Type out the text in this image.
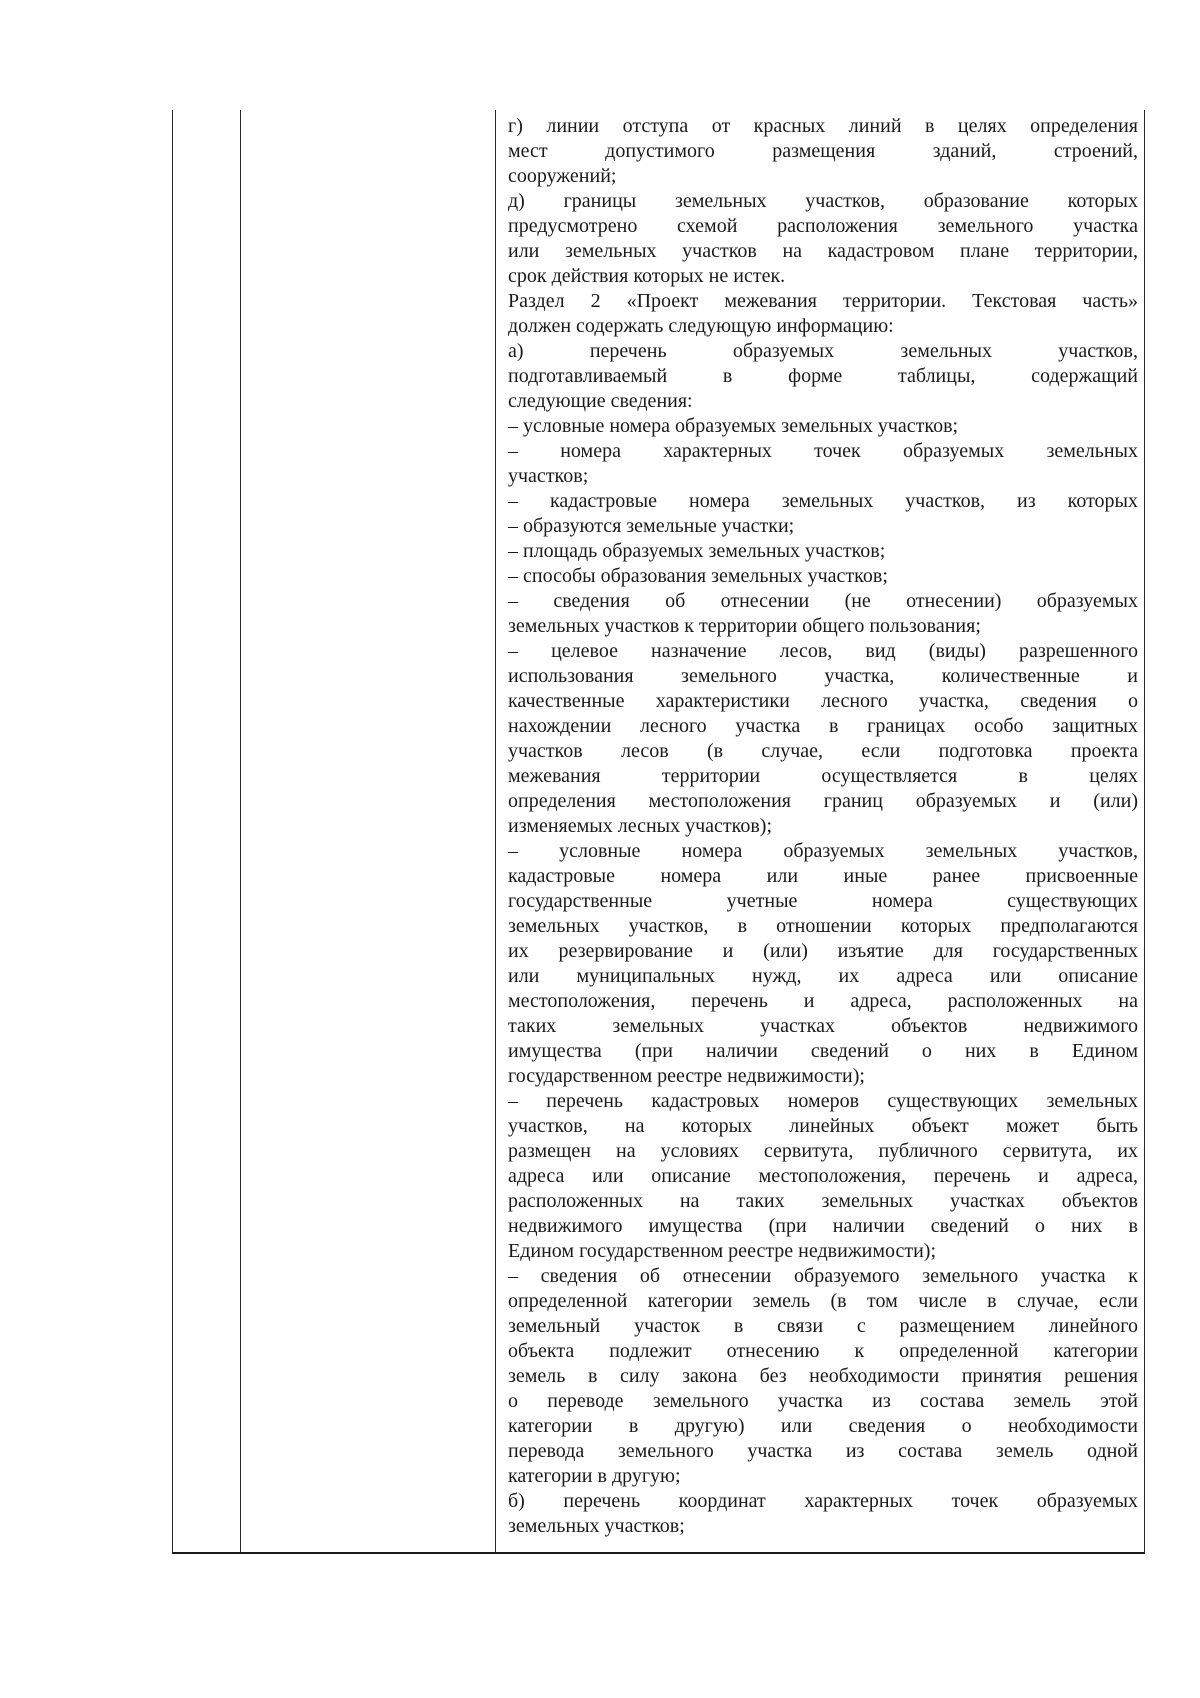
г) линии отступа от красных линий в целях определения
мест допустимого размещения зданий, строений,
сооружений;
д) границы земельных участков, образование которых
предусмотрено схемой расположения земельного участка
или земельных участков на кадастровом плане территории,
срок действия которых не истек.
Раздел 2 «Проект межевания территории. Текстовая часть»
должен содержать следующую информацию:
а) перечень образуемых земельных участков,
подготавливаемый в форме таблицы, содержащий
следующие сведения:
– условные номера образуемых земельных участков;
– номера характерных точек образуемых земельных
участков;
– кадастровые номера земельных участков, из которых
– образуются земельные участки;
– площадь образуемых земельных участков;
– способы образования земельных участков;
– сведения об отнесении (не отнесении) образуемых
земельных участков к территории общего пользования;
– целевое назначение лесов, вид (виды) разрешенного
использования земельного участка, количественные и
качественные характеристики лесного участка, сведения о
нахождении лесного участка в границах особо защитных
участков лесов (в случае, если подготовка проекта
межевания территории осуществляется в целях
определения местоположения границ образуемых и (или)
изменяемых лесных участков);
– условные номера образуемых земельных участков,
кадастровые номера или иные ранее присвоенные
государственные учетные номера существующих
земельных участков, в отношении которых предполагаются
их резервирование и (или) изъятие для государственных
или муниципальных нужд, их адреса или описание
местоположения, перечень и адреса, расположенных на
таких земельных участках объектов недвижимого
имущества (при наличии сведений о них в Едином
государственном реестре недвижимости);
– перечень кадастровых номеров существующих земельных
участков, на которых линейных объект может быть
размещен на условиях сервитута, публичного сервитута, их
адреса или описание местоположения, перечень и адреса,
расположенных на таких земельных участках объектов
недвижимого имущества (при наличии сведений о них в
Едином государственном реестре недвижимости);
– сведения об отнесении образуемого земельного участка к
определенной категории земель (в том числе в случае, если
земельный участок в связи с размещением линейного
объекта подлежит отнесению к определенной категории
земель в силу закона без необходимости принятия решения
о переводе земельного участка из состава земель этой
категории в другую) или сведения о необходимости
перевода земельного участка из состава земель одной
категории в другую;
б) перечень координат характерных точек образуемых
земельных участков;
